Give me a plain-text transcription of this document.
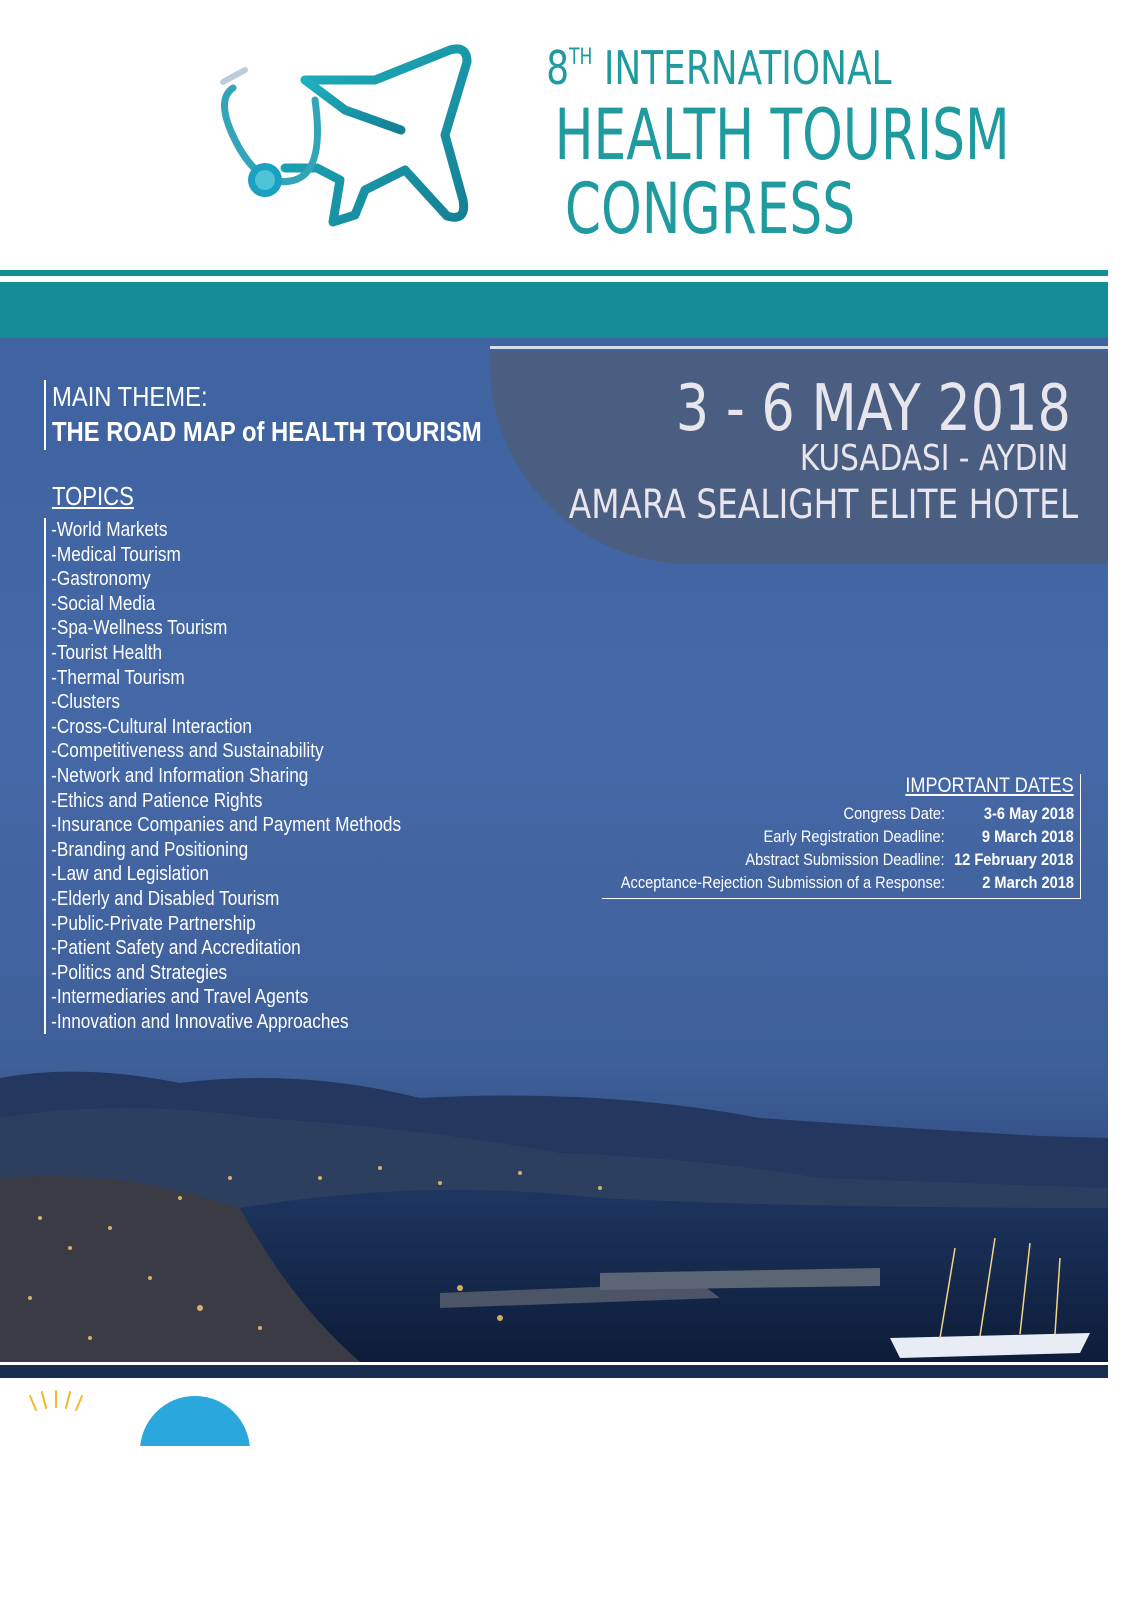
8TH INTERNATIONAL
HEALTH TOURISM
CONGRESS
3 - 6 MAY 2018
KUSADASI - AYDIN
AMARA SEALIGHT ELITE HOTEL
MAIN THEME:
THE ROAD MAP of HEALTH TOURISM
TOPICS
-World Markets
-Medical Tourism
-Gastronomy
-Social Media
-Spa-Wellness Tourism
-Tourist Health
-Thermal Tourism
-Clusters
-Cross-Cultural Interaction
-Competitiveness and Sustainability
-Network and Information Sharing
-Ethics and Patience Rights
-Insurance Companies and Payment Methods
-Branding and Positioning
-Law and Legislation
-Elderly and Disabled Tourism
-Public-Private Partnership
-Patient Safety and Accreditation
-Politics and Strategies
-Intermediaries and Travel Agents
-Innovation and Innovative Approaches
IMPORTANT DATES
Congress Date:	3-6 May 2018
Early Registration Deadline:	9 March 2018
Abstract Submission Deadline: 12 February 2018
Acceptance-Rejection Submission of a Response:	2 March 2018
